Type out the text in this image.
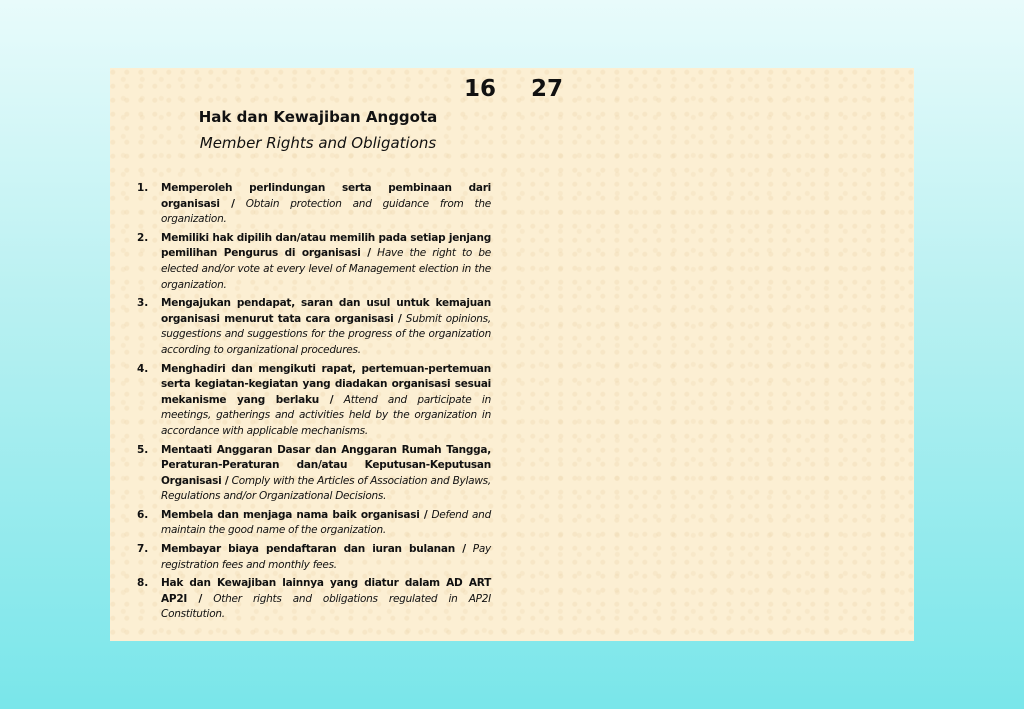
16 27
Hak dan Kewajiban Anggota
Member Rights and Obligations
1.	Memperoleh perlindungan serta pembinaan dari organisasi / Obtain protection and guidance from the organization.
2.	Memiliki hak dipilih dan/atau memilih pada setiap jenjang pemilihan Pengurus di organisasi / Have the right to be elected and/or vote at every level of Management election in the organization.
3.	Mengajukan pendapat, saran dan usul untuk kemajuan organisasi menurut tata cara organisasi / Submit opinions, suggestions and suggestions for the progress of the organization according to organizational procedures.
4.	Menghadiri dan mengikuti rapat, pertemuan-pertemuan serta kegiatan-kegiatan yang diadakan organisasi sesuai mekanisme yang berlaku / Attend and participate in meetings, gatherings and activities held by the organization in accordance with applicable mechanisms.
5.	Mentaati Anggaran Dasar dan Anggaran Rumah Tangga, Peraturan-Peraturan dan/atau Keputusan-Keputusan Organisasi / Comply with the Articles of Association and Bylaws, Regulations and/or Organizational Decisions.
6.	Membela dan menjaga nama baik organisasi / Defend and maintain the good name of the organization.
7.	Membayar biaya pendaftaran dan iuran bulanan / Pay registration fees and monthly fees.
8.	Hak dan Kewajiban lainnya yang diatur dalam AD ART AP2I / Other rights and obligations regulated in AP2I Constitution.
